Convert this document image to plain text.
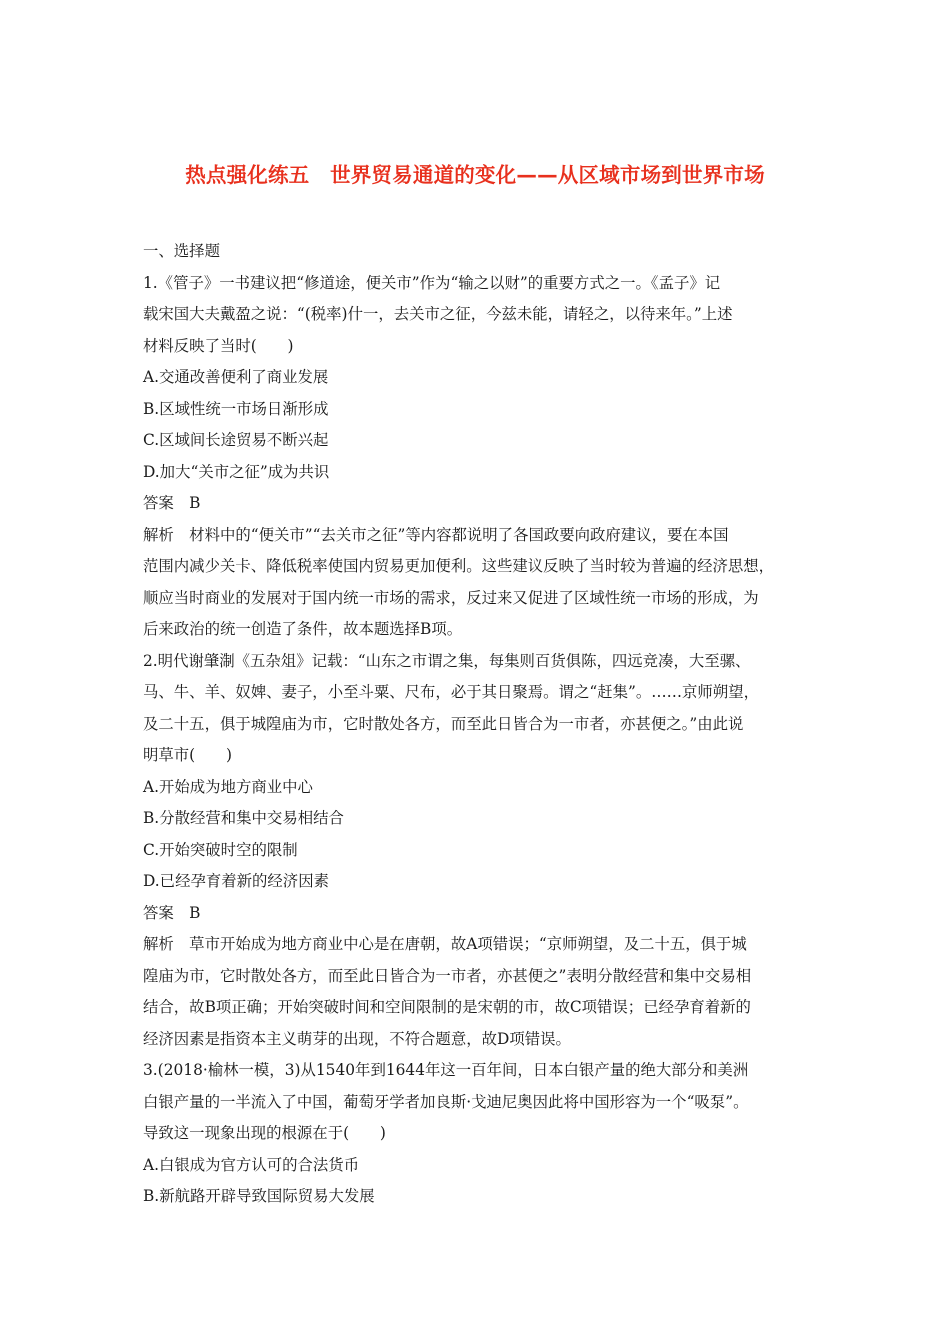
热点强化练五　世界贸易通道的变化——从区域市场到世界市场
一、选择题
1.《管子》一书建议把“修道途，便关市”作为“输之以财”的重要方式之一。《孟子》记
载宋国大夫戴盈之说：“(税率)什一，去关市之征，今兹未能，请轻之，以待来年。”上述
材料反映了当时(　　)
A.交通改善便利了商业发展
B.区域性统一市场日渐形成
C.区域间长途贸易不断兴起
D.加大“关市之征”成为共识
答案　B
解析　材料中的“便关市”“去关市之征”等内容都说明了各国政要向政府建议，要在本国
范围内减少关卡、降低税率使国内贸易更加便利。这些建议反映了当时较为普遍的经济思想，
顺应当时商业的发展对于国内统一市场的需求，反过来又促进了区域性统一市场的形成，为
后来政治的统一创造了条件，故本题选择B项。
2.明代谢肇淛《五杂俎》记载：“山东之市谓之集，每集则百货俱陈，四远竞凑，大至骡、
马、牛、羊、奴婢、妻子，小至斗粟、尺布，必于其日聚焉。谓之“赶集”。……京师朔望，
及二十五，俱于城隍庙为市，它时散处各方，而至此日皆合为一市者，亦甚便之。”由此说
明草市(　　)
A.开始成为地方商业中心
B.分散经营和集中交易相结合
C.开始突破时空的限制
D.已经孕育着新的经济因素
答案　B
解析　草市开始成为地方商业中心是在唐朝，故A项错误；“京师朔望，及二十五，俱于城
隍庙为市，它时散处各方，而至此日皆合为一市者，亦甚便之”表明分散经营和集中交易相
结合，故B项正确；开始突破时间和空间限制的是宋朝的市，故C项错误；已经孕育着新的
经济因素是指资本主义萌芽的出现，不符合题意，故D项错误。
3.(2018·榆林一模，3)从1540年到1644年这一百年间，日本白银产量的绝大部分和美洲
白银产量的一半流入了中国，葡萄牙学者加良斯·戈迪尼奥因此将中国形容为一个“吸泵”。
导致这一现象出现的根源在于(　　)
A.白银成为官方认可的合法货币
B.新航路开辟导致国际贸易大发展
